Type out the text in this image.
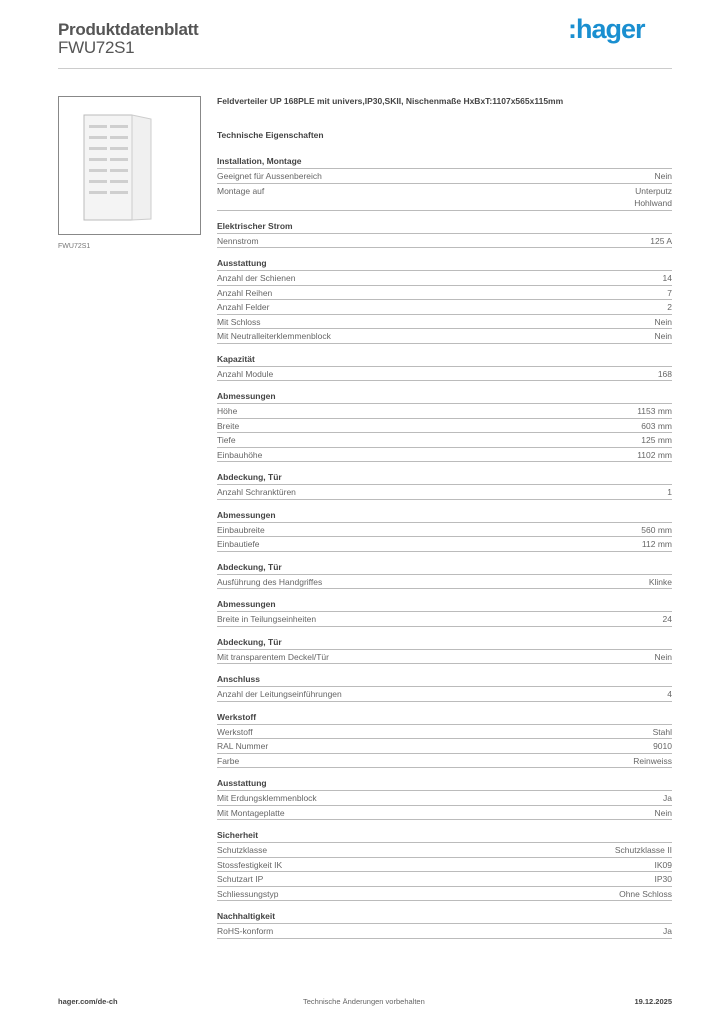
Produktdatenblatt
FWU72S1
:hager
FWU72S1
Feldverteiler UP 168PLE mit univers,IP30,SKII, Nischenmaße HxBxT:1107x565x115mm
Technische Eigenschaften
Installation, Montage
Geeignet für Aussenbereich	Nein
Montage auf	Unterputz
Hohlwand
Elektrischer Strom
Nennstrom	125 A
Ausstattung
Anzahl der Schienen	14
Anzahl Reihen	7
Anzahl Felder	2
Mit Schloss	Nein
Mit Neutralleiterklemmenblock	Nein
Kapazität
Anzahl Module	168
Abmessungen
Höhe	1153 mm
Breite	603 mm
Tiefe	125 mm
Einbauhöhe	1102 mm
Abdeckung, Tür
Anzahl Schranktüren	1
Abmessungen
Einbaubreite	560 mm
Einbautiefe	112 mm
Abdeckung, Tür
Ausführung des Handgriffes	Klinke
Abmessungen
Breite in Teilungseinheiten	24
Abdeckung, Tür
Mit transparentem Deckel/Tür	Nein
Anschluss
Anzahl der Leitungseinführungen	4
Werkstoff
Werkstoff	Stahl
RAL Nummer	9010
Farbe	Reinweiss
Ausstattung
Mit Erdungsklemmenblock	Ja
Mit Montageplatte	Nein
Sicherheit
Schutzklasse	Schutzklasse II
Stossfestigkeit IK	IK09
Schutzart IP	IP30
Schliessungstyp	Ohne Schloss
Nachhaltigkeit
RoHS-konform	Ja
hager.com/de-ch	Technische Änderungen vorbehalten	19.12.2025
